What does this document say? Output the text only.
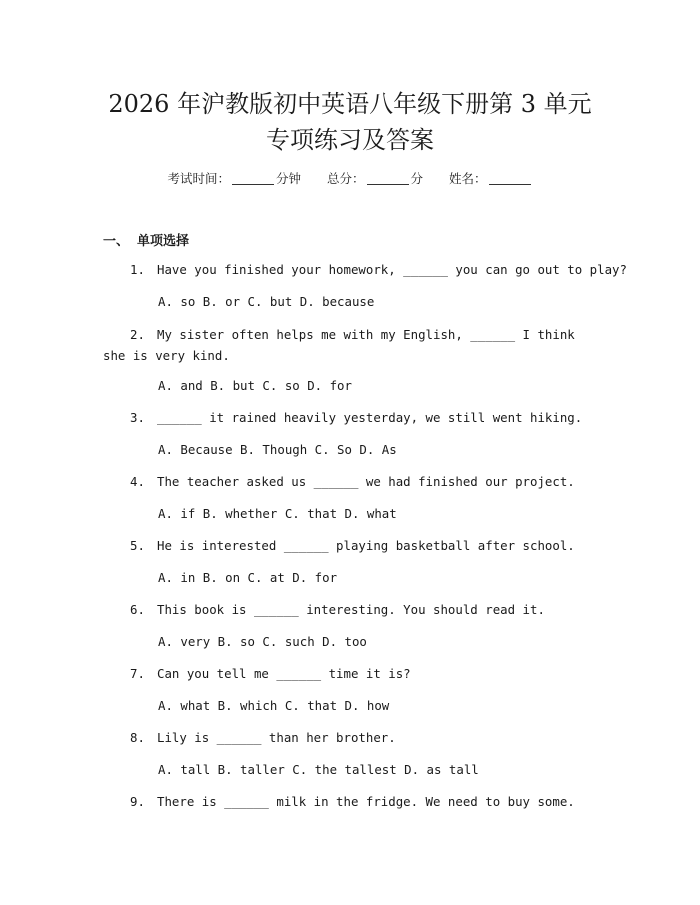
2026 年沪教版初中英语八年级下册第 3 单元
专项练习及答案
考试时间：	分钟 总分：	分 姓名：
一、 单项选择
1. Have you finished your homework, ______ you can go out to play?
A. so B. or C. but D. because
2. My sister often helps me with my English, ______ I think she is very kind.
A. and B. but C. so D. for
3. ______ it rained heavily yesterday, we still went hiking.
A. Because B. Though C. So D. As
4. The teacher asked us ______ we had finished our project.
A. if B. whether C. that D. what
5. He is interested ______ playing basketball after school.
A. in B. on C. at D. for
6. This book is ______ interesting. You should read it.
A. very B. so C. such D. too
7. Can you tell me ______ time it is?
A. what B. which C. that D. how
8. Lily is ______ than her brother.
A. tall B. taller C. the tallest D. as tall
9. There is ______ milk in the fridge. We need to buy some.
